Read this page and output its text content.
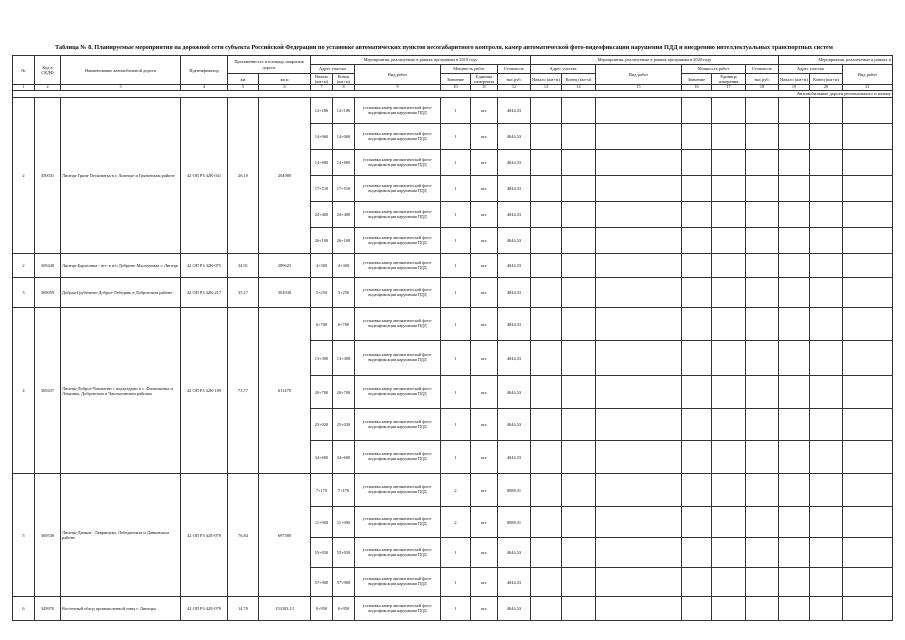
Таблица № 8. Планируемые мероприятия на дорожной сети субъекта Российской Федерации по установке автоматических пунктов весогабаритного контроля, камер автоматической фото-видеофиксации нарушения ПДД и внедрению интеллектуальных транспортных систем
№	Код в СКДФ	Наименование автомобильной дороги	Идентификатор	Протяженность и площадь покрытия дороги		Мероприятия, реализуемые в рамках программы в 2019 году						Мероприятия, реализуемые в рамках программы в 2020 году						Мероприятия, реализуемые в рамках п		
						Адрес участка		Вид работ	Мощность работ		Стоимость	Адрес участка		Вид работ	Мощность работ		Стоимость	Адрес участка		Вид работ
				км	кв.м	Начало (км+м)	Конец (км+м)		Значение	Единица измерения	тыс.руб.	Начало (км+м)	Конец (км+м)		Значение	Единица измерения	тыс.руб.	Начало (км+м)	Конец (км+м)	
1	2	3	4	5	6	7	8	9	10	11	12	13	14	15	16	17	18	19	20	21
Автомобильные дороги регионального и межму																				
2	350031	Липецк-Грязи-Песковатка в г. Липецке и Грязинском районе	42 ОП РЗ 42К-041	26,10	204980	12+186	12+186	установка камер автоматической фото-видеофиксации нарушения ПДД	1	шт.	4044,33									
						14+060	14+060	установка камер автоматической фото-видеофиксации нарушения ПДД	1	шт.	4044,33									
						14+800	14+800	установка камер автоматической фото-видеофиксации нарушения ПДД	1	шт.	4044,33									
						17+510	17+510	установка камер автоматической фото-видеофиксации нарушения ПДД	1	шт.	4044,33									
						24+400	24+400	установка камер автоматической фото-видеофиксации нарушения ПДД	1	шт.	4044,33									
						26+100	26+100	установка камер автоматической фото-видеофиксации нарушения ПДД	1	шт.	4044,33									
2	369448	Липецк-Борисовка - пгт. в п/о Добрино-Малчуковка г. Липецк	42 ОП РЗ 42К-075	34,91	289625	4+300	4+300	установка камер автоматической фото-видеофиксации нарушения ПДД	1	шт.	4044,33									
3	369059	Добрая-Грубочино-Доброе-Лебедянь в Добровском районе	42 ОП РЗ 42К-217	35,17	302930	5+250	5+250	установка камер автоматической фото-видеофиксации нарушения ПДД	1	шт.	4044,33									
4	369437	Липецк-Доброе-Чаплыгин с подъездами к с. Филипповка и Лещинка, Добровском и Чаплыгинском районах	42 ОП РЗ 42К-189	73,77	611470	6+700	6+700	установка камер автоматической фото-видеофиксации нарушения ПДД	1	шт.	4044,33									
						13+300	13+300	установка камер автоматической фото-видеофиксации нарушения ПДД	1	шт.	4044,33									
						20+700	20+700	установка камер автоматической фото-видеофиксации нарушения ПДД	1	шт.	4044,33									
						25+020	25+020	установка камер автоматической фото-видеофиксации нарушения ПДД	1	шт.	4044,33									
						34+600	34+600	установка камер автоматической фото-видеофиксации нарушения ПДД	1	шт.	4044,33									
5	369538	Липецк-Данков - Лаврищево, Лебедянском и Данковском районе	42 ОП РЗ 42Е-079	76,84	697580	7+170	7+170	установка камер автоматической фото-видеофиксации нарушения ПДД	2	шт.	8088,31									
						11+900	11+900	установка камер автоматической фото-видеофиксации нарушения ПДД	2	шт.	8088,31									
						55+050	55+050	установка камер автоматической фото-видеофиксации нарушения ПДД	1	шт.	4044,33									
						57+900	57+900	установка камер автоматической фото-видеофиксации нарушения ПДД	1	шт.	4044,33									
6	349970	Восточный обход промышленной зоны г. Липецка	42 ОП РЗ 42Е-078	14,70	153303,13	0+950	0+950	установка камер автоматической фото-видеофиксации нарушения ПДД	1	шт.	4044,33									
